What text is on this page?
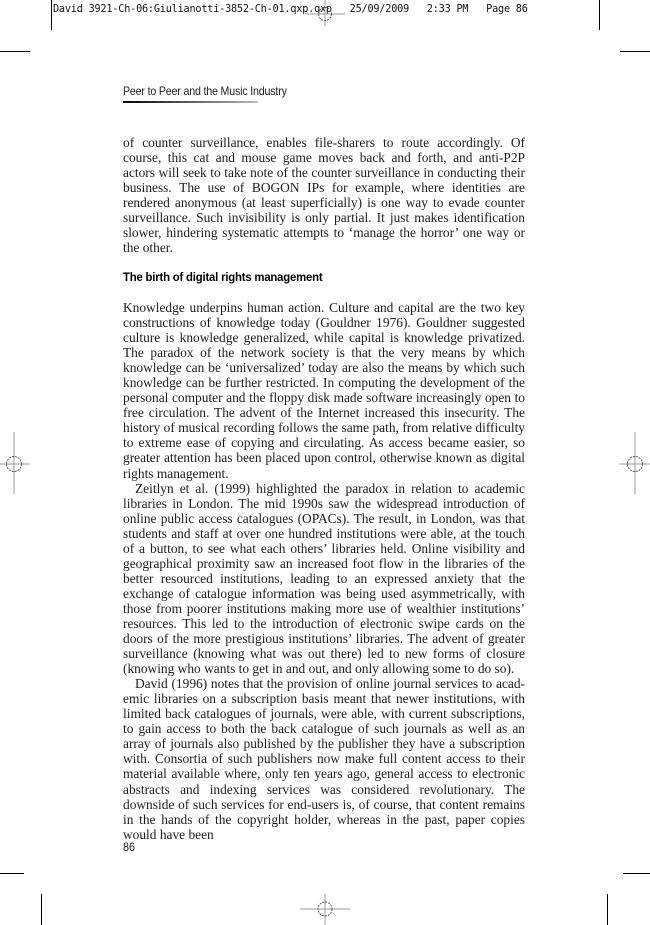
David 3921-Ch-06:Giulianotti-3852-Ch-01.qxp.qxp   25/09/2009   2:33 PM   Page 86
Peer to Peer and the Music Industry

of counter surveillance, enables file-sharers to route accordingly. Of course, this cat and mouse game moves back and forth, and anti-P2P actors will seek to take note of the counter surveillance in conducting their business. The use of BOGON IPs for example, where identities are rendered anonymous (at least superficially) is one way to evade counter surveillance. Such invisibility is only partial. It just makes identification slower, hindering systematic attempts to ‘manage the horror’ one way or the other.

The birth of digital rights management

Knowledge underpins human action. Culture and capital are the two key constructions of knowledge today (Gouldner 1976). Gouldner suggested culture is knowledge generalized, while capital is knowledge privatized. The paradox of the network society is that the very means by which knowledge can be ‘universalized’ today are also the means by which such knowledge can be further restricted. In computing the development of the personal computer and the floppy disk made software increasingly open to free circulation. The advent of the Internet increased this insecurity. The history of musical recording follows the same path, from relative difficulty to extreme ease of copying and circulating. As access became easier, so greater attention has been placed upon control, otherwise known as digital rights management.

Zeitlyn et al. (1999) highlighted the paradox in relation to academic libraries in London. The mid 1990s saw the widespread introduction of online public access catalogues (OPACs). The result, in London, was that students and staff at over one hundred institutions were able, at the touch of a button, to see what each others’ libraries held. Online visibility and geographical proximity saw an increased foot flow in the libraries of the better resourced institutions, leading to an expressed anxiety that the exchange of catalogue information was being used asymmetrically, with those from poorer institutions making more use of wealthier institutions’ resources. This led to the introduction of electronic swipe cards on the doors of the more prestigious institutions’ libraries. The advent of greater surveillance (knowing what was out there) led to new forms of closure (knowing who wants to get in and out, and only allowing some to do so).

David (1996) notes that the provision of online journal services to academic libraries on a subscription basis meant that newer institutions, with limited back catalogues of journals, were able, with current subscriptions, to gain access to both the back catalogue of such journals as well as an array of journals also published by the publisher they have a subscription with. Consortia of such publishers now make full content access to their material available where, only ten years ago, general access to electronic abstracts and indexing services was considered revolutionary. The downside of such services for end-users is, of course, that content remains in the hands of the copyright holder, whereas in the past, paper copies would have been

86
